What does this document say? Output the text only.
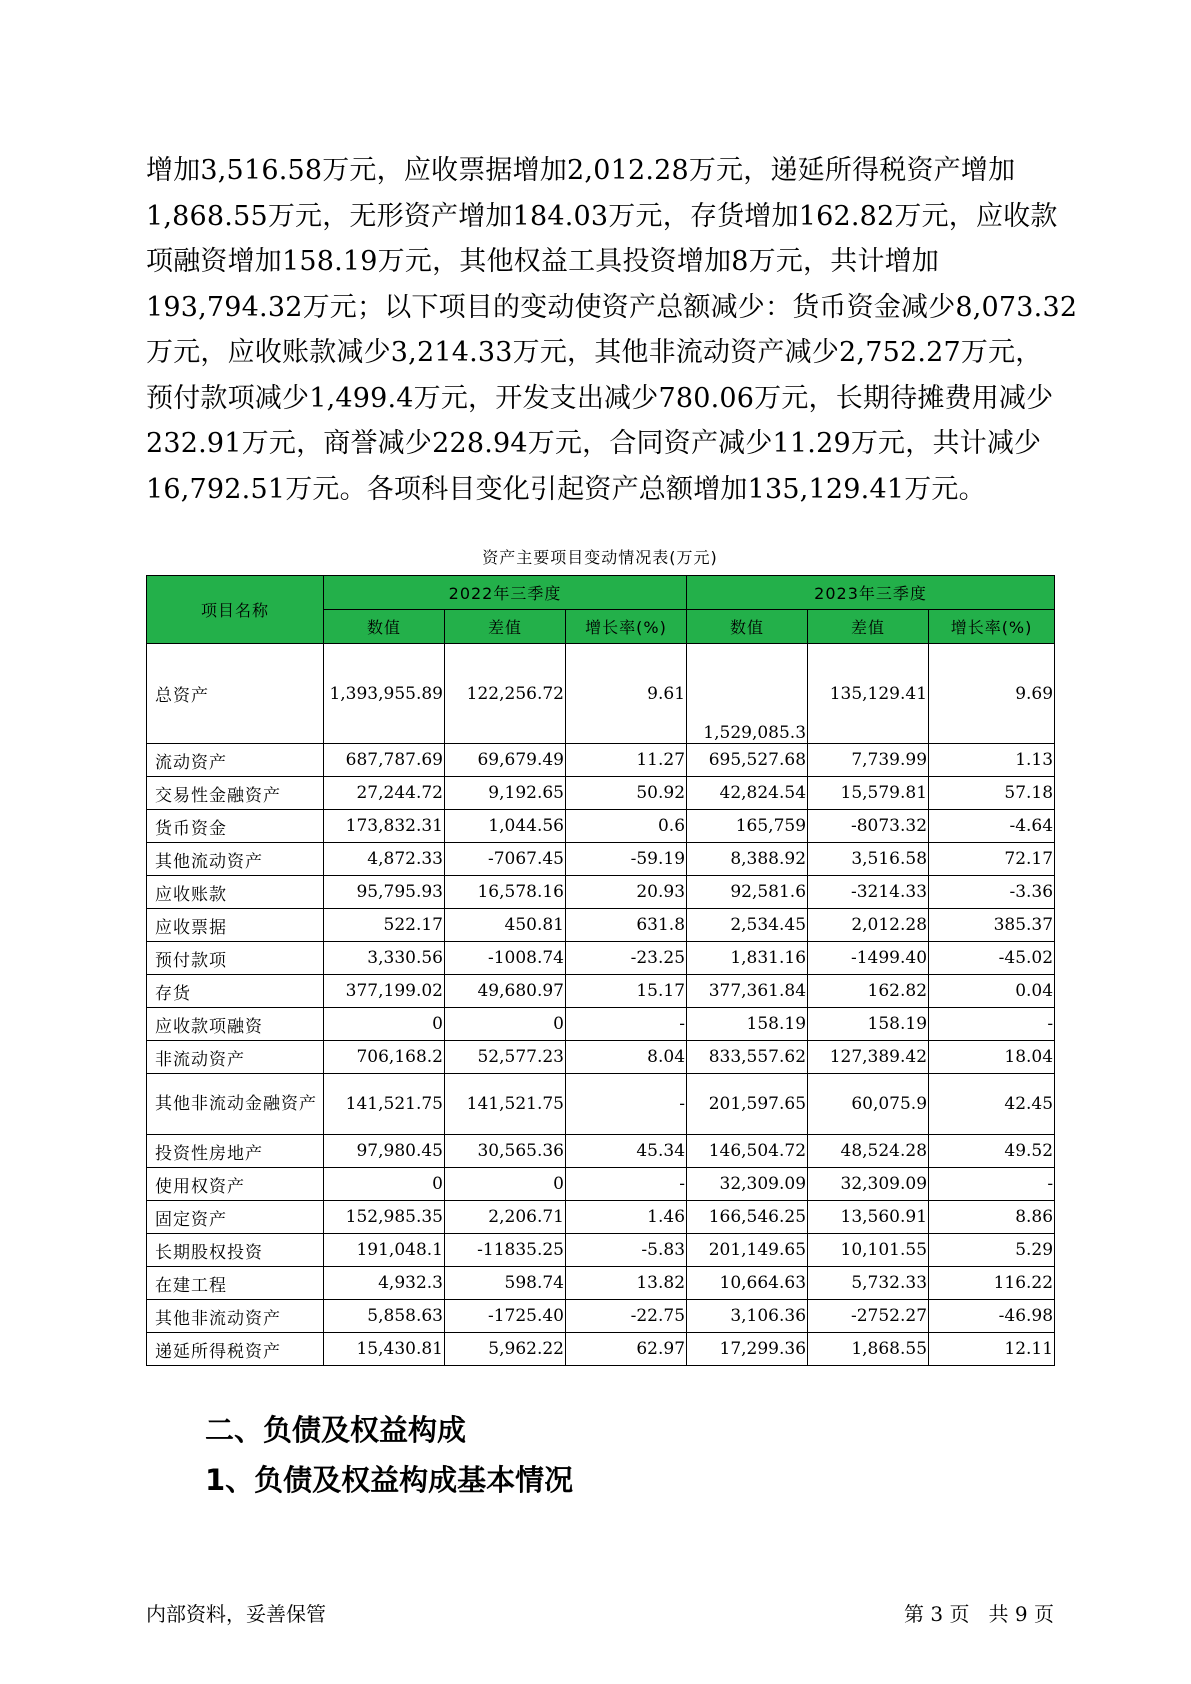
增加3,516.58万元，应收票据增加2,012.28万元，递延所得税资产增加

1,868.55万元，无形资产增加184.03万元，存货增加162.82万元，应收款

项融资增加158.19万元，其他权益工具投资增加8万元，共计增加

193,794.32万元；以下项目的变动使资产总额减少：货币资金减少8,073.32

万元，应收账款减少3,214.33万元，其他非流动资产减少2,752.27万元，

预付款项减少1,499.4万元，开发支出减少780.06万元，长期待摊费用减少

232.91万元，商誉减少228.94万元，合同资产减少11.29万元，共计减少

16,792.51万元。各项科目变化引起资产总额增加135,129.41万元。

资产主要项目变动情况表(万元)
项目名称	2022年三季度			2023年三季度		
	数值	差值	增长率(%)	数值	差值	增长率(%)
总资产	1,393,955.89	122,256.72	9.61	1,529,085.3	135,129.41	9.69
流动资产	687,787.69	69,679.49	11.27	695,527.68	7,739.99	1.13
交易性金融资产	27,244.72	9,192.65	50.92	42,824.54	15,579.81	57.18
货币资金	173,832.31	1,044.56	0.6	165,759	-8073.32	-4.64
其他流动资产	4,872.33	-7067.45	-59.19	8,388.92	3,516.58	72.17
应收账款	95,795.93	16,578.16	20.93	92,581.6	-3214.33	-3.36
应收票据	522.17	450.81	631.8	2,534.45	2,012.28	385.37
预付款项	3,330.56	-1008.74	-23.25	1,831.16	-1499.40	-45.02
存货	377,199.02	49,680.97	15.17	377,361.84	162.82	0.04
应收款项融资	0	0	-	158.19	158.19	-
非流动资产	706,168.2	52,577.23	8.04	833,557.62	127,389.42	18.04
其他非流动金融资产	141,521.75	141,521.75	-	201,597.65	60,075.9	42.45
投资性房地产	97,980.45	30,565.36	45.34	146,504.72	48,524.28	49.52
使用权资产	0	0	-	32,309.09	32,309.09	-
固定资产	152,985.35	2,206.71	1.46	166,546.25	13,560.91	8.86
长期股权投资	191,048.1	-11835.25	-5.83	201,149.65	10,101.55	5.29
在建工程	4,932.3	598.74	13.82	10,664.63	5,732.33	116.22
其他非流动资产	5,858.63	-1725.40	-22.75	3,106.36	-2752.27	-46.98
递延所得税资产	15,430.81	5,962.22	62.97	17,299.36	1,868.55	12.11
二、负债及权益构成
1、负债及权益构成基本情况
内部资料，妥善保管	第 3 页   共 9 页
